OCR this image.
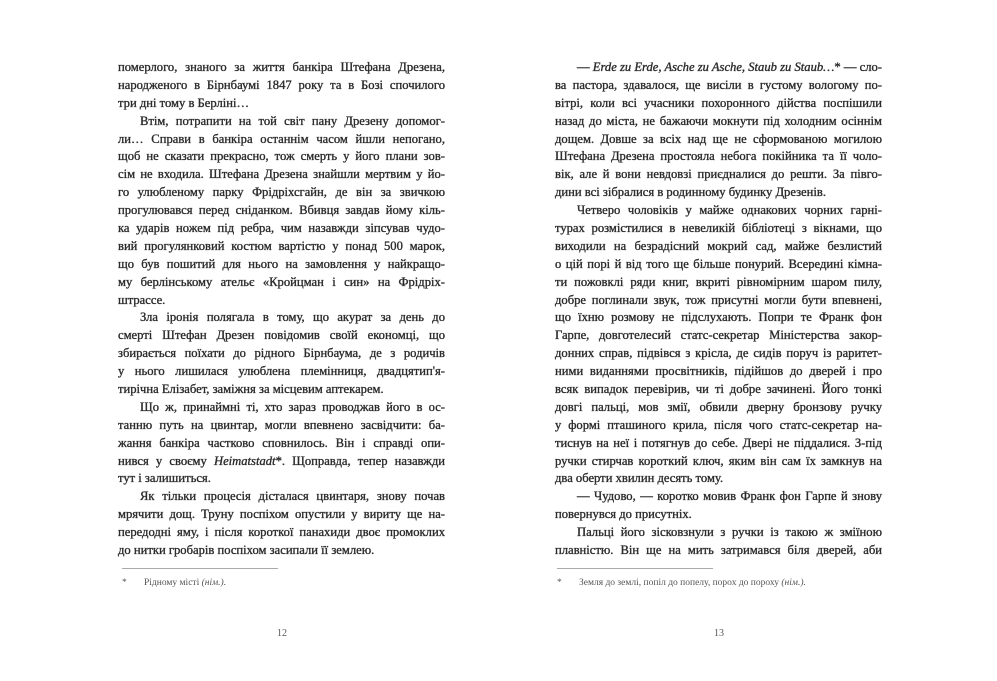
померлого, знаного за життя банкіра Штефана Дрезена,
народженого в Бірнбаумі 1847 року та в Бозі спочилого
три дні тому в Берліні…
Втім, потрапити на той світ пану Дрезену допомог-
ли… Справи в банкіра останнім часом йшли непогано,
щоб не сказати прекрасно, тож смерть у його плани зов-
сім не входила. Штефана Дрезена знайшли мертвим у йо-
го улюбленому парку Фрідріхсгайн, де він за звичкою
прогулювався перед сніданком. Вбивця завдав йому кіль-
ка ударів ножем під ребра, чим назавжди зіпсував чудо-
вий прогулянковий костюм вартістю у понад 500 марок,
що був пошитий для нього на замовлення у найкращо-
му берлінському ательє «Кройцман і син» на Фрідріх-
штрассе.
Зла іронія полягала в тому, що акурат за день до
смерті Штефан Дрезен повідомив своїй економці, що
збирається поїхати до рідного Бірнбаума, де з родичів
у нього лишилася улюблена племінниця, двадцятип'я-
тирічна Елізабет, заміжня за місцевим аптекарем.
Що ж, принаймні ті, хто зараз проводжав його в ос-
танню путь на цвинтар, могли впевнено засвідчити: ба-
жання банкіра частково сповнилось. Він і справді опи-
нився у своєму Heimatstadt*. Щоправда, тепер назавжди
тут і залишиться.
Як тільки процесія дісталася цвинтаря, знову почав
мрячити дощ. Труну поспіхом опустили у вириту ще на-
передодні яму, і після короткої панахиди двоє промоклих
до нитки гробарів поспіхом засипали її землею.
* Рідному місті (нім.).
12
— Erde zu Erde, Asche zu Asche, Staub zu Staub…* — сло-
ва пастора, здавалося, ще висіли в густому вологому по-
вітрі, коли всі учасники похоронного дійства поспішили
назад до міста, не бажаючи мокнути під холодним осіннім
дощем. Довше за всіх над ще не сформованою могилою
Штефана Дрезена простояла небога покійника та її чоло-
вік, але й вони невдовзі приєдналися до решти. За півго-
дини всі зібралися в родинному будинку Дрезенів.
Четверо чоловіків у майже однакових чорних гарні-
турах розмістилися в невеликій бібліотеці з вікнами, що
виходили на безрадісний мокрий сад, майже безлистий
о цій порі й від того ще більше понурий. Всередині кімна-
ти пожовклі ряди книг, вкриті рівномірним шаром пилу,
добре поглинали звук, тож присутні могли бути впевнені,
що їхню розмову не підслухають. Попри те Франк фон
Гарпе, довготелесий статс-секретар Міністерства закор-
донних справ, підвівся з крісла, де сидів поруч із раритет-
ними виданнями просвітників, підійшов до дверей і про
всяк випадок перевірив, чи ті добре зачинені. Його тонкі
довгі пальці, мов змії, обвили дверну бронзову ручку
у формі пташиного крила, після чого статс-секретар на-
тиснув на неї і потягнув до себе. Двері не піддалися. З-під
ручки стирчав короткий ключ, яким він сам їх замкнув на
два оберти хвилин десять тому.
— Чудово, — коротко мовив Франк фон Гарпе й знову
повернувся до присутніх.
Пальці його зісковзнули з ручки із такою ж зміїною
плавністю. Він ще на мить затримався біля дверей, аби
* Земля до землі, попіл до попелу, порох до пороху (нім.).
13
